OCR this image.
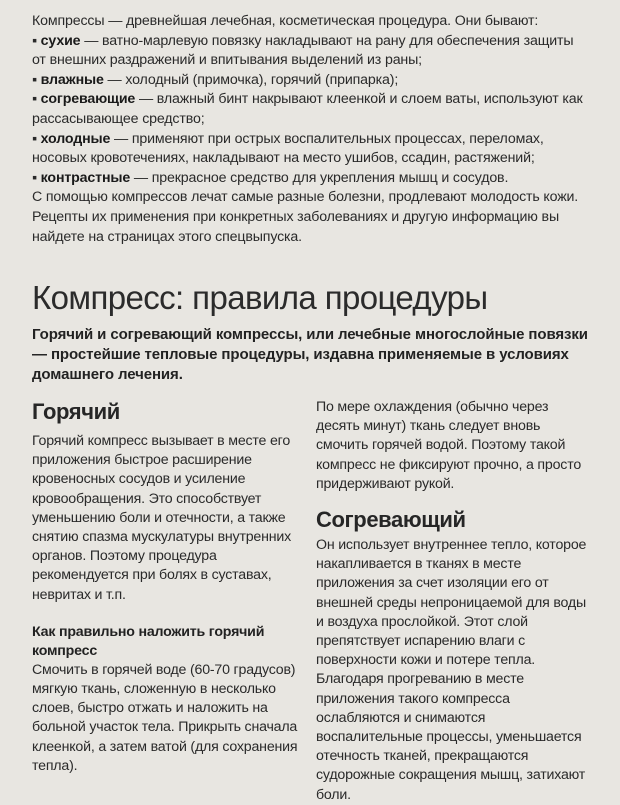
Компрессы — древнейшая лечебная, косметическая процедура. Они бывают:

▪ сухие — ватно-марлевую повязку накладывают на рану для обеспечения защиты от внешних раздражений и впитывания выделений из раны;

▪ влажные — холодный (примочка), горячий (припарка);

▪ согревающие — влажный бинт накрывают клеенкой и слоем ваты, используют как рассасывающее средство;

▪ холодные — применяют при острых воспалительных процессах, переломах, носовых кровотечениях, накладывают на место ушибов, ссадин, растяжений;

▪ контрастные — прекрасное средство для укрепления мышц и сосудов.

С помощью компрессов лечат самые разные болезни, продлевают молодость кожи. Рецепты их применения при конкретных заболеваниях и другую информацию вы найдете на страницах этого спецвыпуска.

Компресс: правила процедуры

Горячий и согревающий компрессы, или лечебные многослойные повязки — простейшие тепловые процедуры, издавна применяемые в условиях домашнего лечения.

Горячий

Горячий компресс вызывает в месте его приложения быстрое расширение кровеносных сосудов и усиление кровообращения. Это способствует уменьшению боли и отечности, а также снятию спазма мускулатуры внутренних органов. Поэтому процедура рекомендуется при болях в суставах, невритах и т.п.

Как правильно наложить горячий компресс

Смочить в горячей воде (60-70 градусов) мягкую ткань, сложенную в несколько слоев, быстро отжать и наложить на больной участок тела. Прикрыть сначала клеенкой, а затем ватой (для сохранения тепла).

По мере охлаждения (обычно через десять минут) ткань следует вновь смочить горячей водой. Поэтому такой компресс не фиксируют прочно, а просто придерживают рукой.

Согревающий

Он использует внутреннее тепло, которое накапливается в тканях в месте приложения за счет изоляции его от внешней среды непроницаемой для воды и воздуха прослойкой. Этот слой препятствует испарению влаги с поверхности кожи и потере тепла. Благодаря прогреванию в месте приложения такого компресса ослабляются и снимаются воспалительные процессы, уменьшается отечность тканей, прекращаются судорожные сокращения мышц, затихают боли.
